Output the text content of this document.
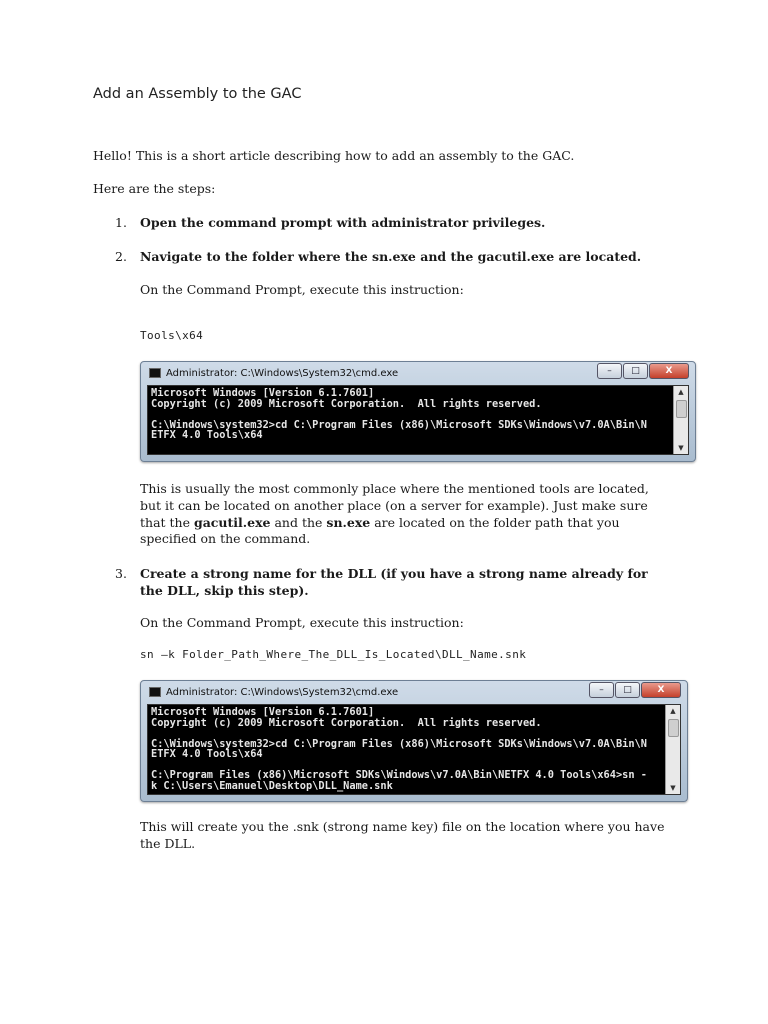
Add an Assembly to the GAC

Hello! This is a short article describing how to add an assembly to the GAC.

Here are the steps:

1. Open the command prompt with administrator privileges.
2. Navigate to the folder where the sn.exe and the gacutil.exe are located.

On the Command Prompt, execute this instruction:

Tools\x64
Administrator: C:\Windows\System32\cmd.exe	–	□	X
Microsoft Windows [Version 6.1.7601]
Copyright (c) 2009 Microsoft Corporation.  All rights reserved.

C:\Windows\system32>cd C:\Program Files (x86)\Microsoft SDKs\Windows\v7.0A\Bin\N
ETFX 4.0 Tools\x64
▲
▼

This is usually the most commonly place where the mentioned tools are located, but it can be located on another place (on a server for example). Just make sure that the gacutil.exe and the sn.exe are located on the folder path that you specified on the command.

3. Create a strong name for the DLL (if you have a strong name already for the DLL, skip this step).

On the Command Prompt, execute this instruction:

sn –k Folder_Path_Where_The_DLL_Is_Located\DLL_Name.snk
Administrator: C:\Windows\System32\cmd.exe	–	□	X
Microsoft Windows [Version 6.1.7601]
Copyright (c) 2009 Microsoft Corporation.  All rights reserved.

C:\Windows\system32>cd C:\Program Files (x86)\Microsoft SDKs\Windows\v7.0A\Bin\N
ETFX 4.0 Tools\x64

C:\Program Files (x86)\Microsoft SDKs\Windows\v7.0A\Bin\NETFX 4.0 Tools\x64>sn -
k C:\Users\Emanuel\Desktop\DLL_Name.snk
▲
▼

This will create you the .snk (strong name key) file on the location where you have the DLL.
